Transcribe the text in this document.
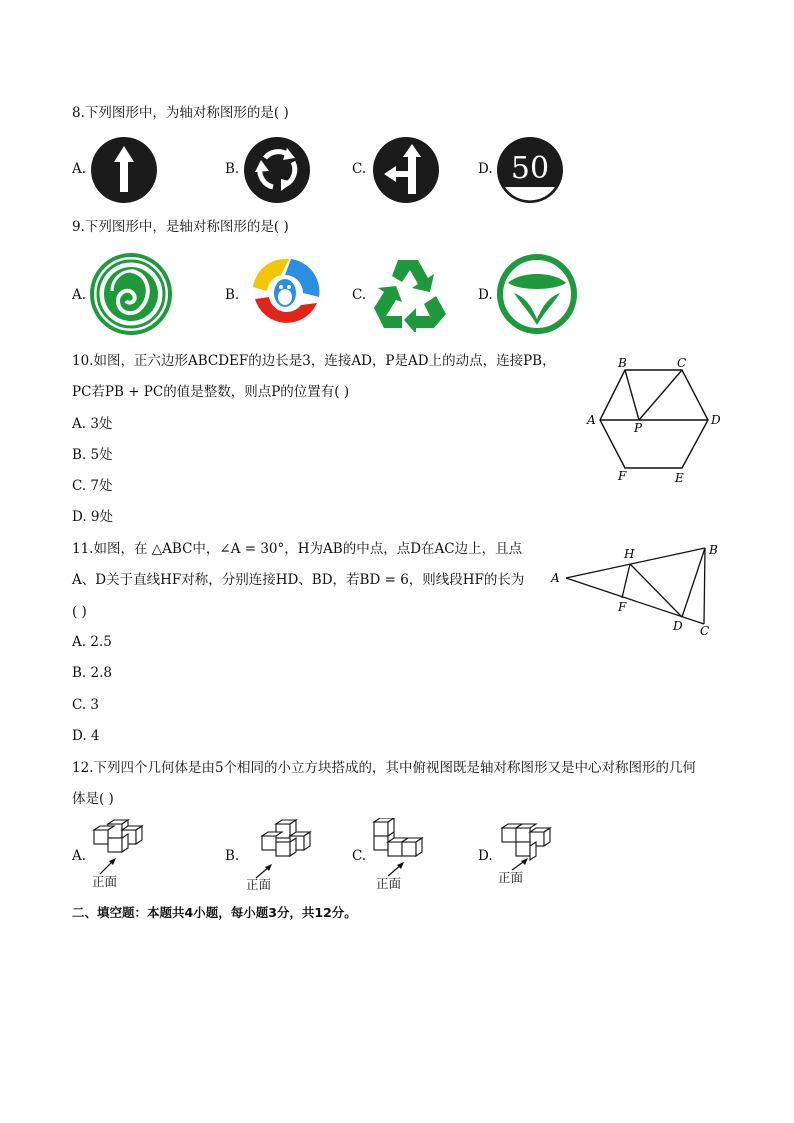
8.下列图形中，为轴对称图形的是( )
A.	B.	C.	D. 50
9.下列图形中，是轴对称图形的是( )
A.	B.	C.	D.
10.如图，正六边形ABCDEF的边长是3，连接AD，P是AD上的动点，连接PB，
PC若PB + PC的值是整数，则点P的位置有( )
A. 3处
B. 5处
C. 7处
D. 9处
B	C
A	D
P
F	E
11.如图，在 △ABC中，∠A = 30°，H为AB的中点，点D在AC边上，且点
A、D关于直线HF对称，分别连接HD、BD，若BD = 6，则线段HF的长为
( )
A. 2.5
B. 2.8
C. 3
D. 4
H	B
A
F
D C
12.下列四个几何体是由5个相同的小立方块搭成的，其中俯视图既是轴对称图形又是中心对称图形的几何
体是( )
A.
正面
B.
正面
C.
正面
D.
正面
二、填空题：本题共4小题，每小题3分，共12分。
